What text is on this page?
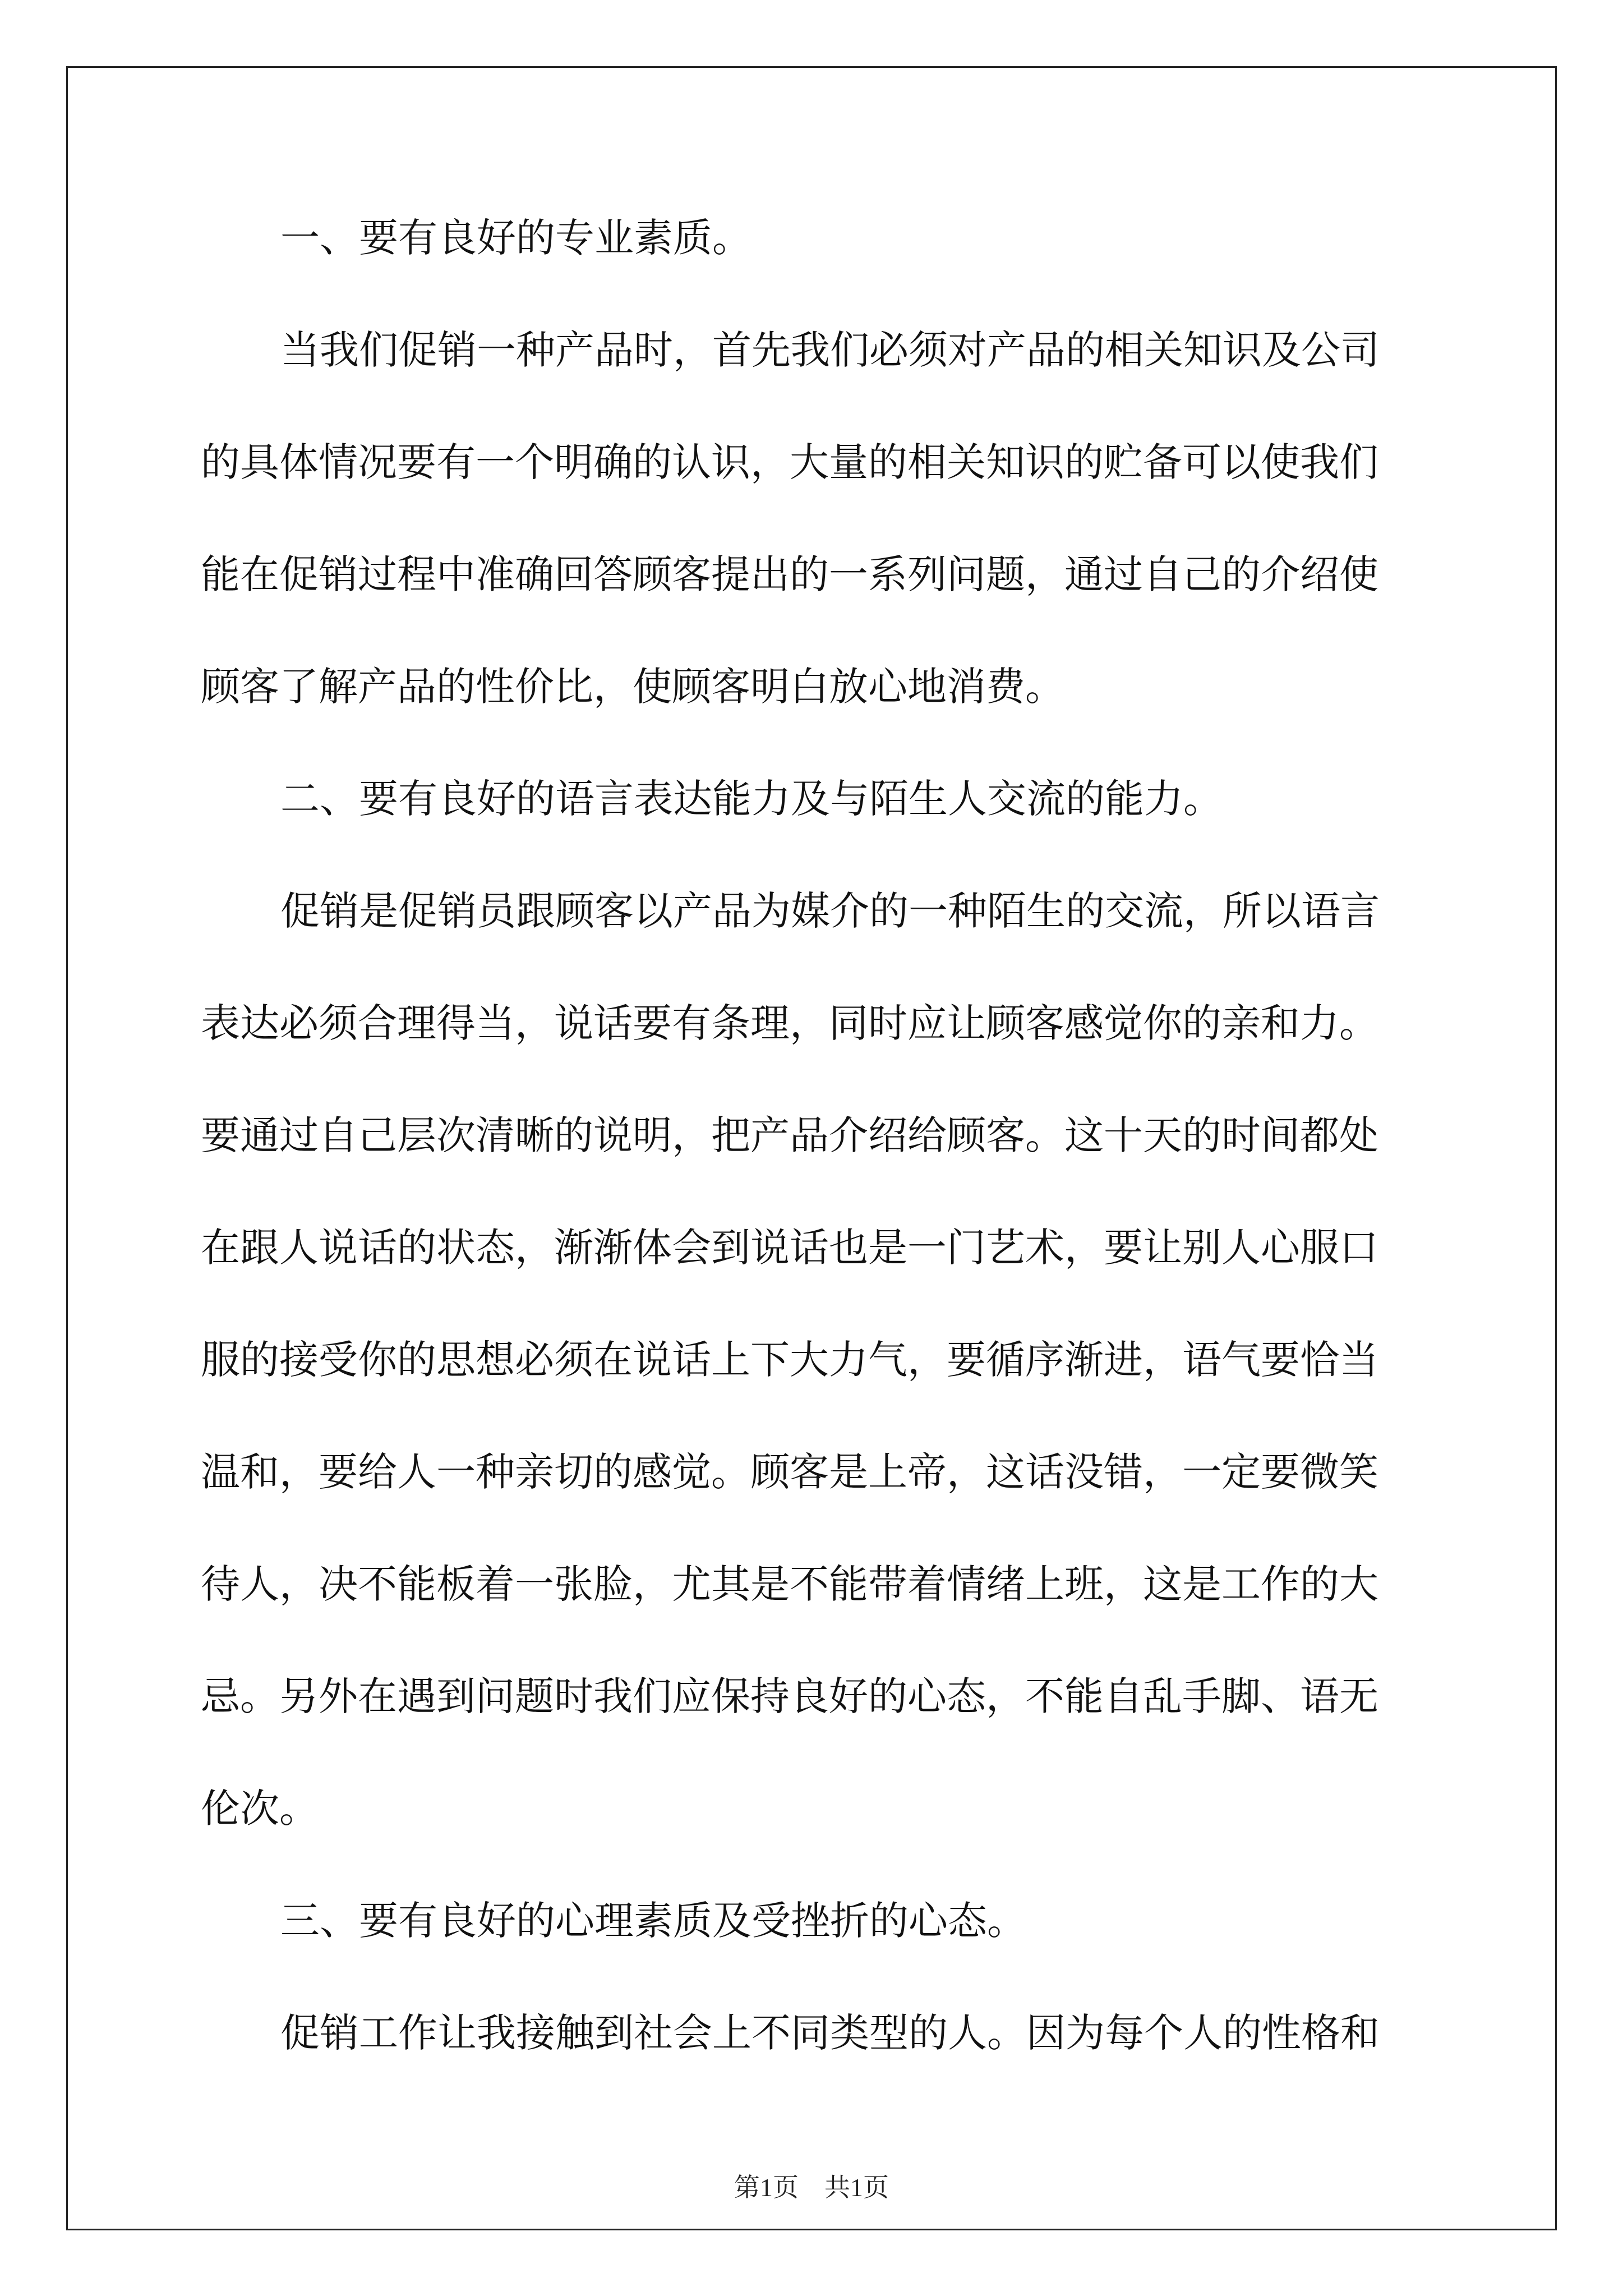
一、要有良好的专业素质。
当我们促销一种产品时，首先我们必须对产品的相关知识及公司
的具体情况要有一个明确的认识，大量的相关知识的贮备可以使我们
能在促销过程中准确回答顾客提出的一系列问题，通过自己的介绍使
顾客了解产品的性价比，使顾客明白放心地消费。
二、要有良好的语言表达能力及与陌生人交流的能力。
促销是促销员跟顾客以产品为媒介的一种陌生的交流，所以语言
表达必须合理得当，说话要有条理，同时应让顾客感觉你的亲和力。
要通过自己层次清晰的说明，把产品介绍给顾客。这十天的时间都处
在跟人说话的状态，渐渐体会到说话也是一门艺术，要让别人心服口
服的接受你的思想必须在说话上下大力气，要循序渐进，语气要恰当
温和，要给人一种亲切的感觉。顾客是上帝，这话没错，一定要微笑
待人，决不能板着一张脸，尤其是不能带着情绪上班，这是工作的大
忌。另外在遇到问题时我们应保持良好的心态，不能自乱手脚、语无
伦次。
三、要有良好的心理素质及受挫折的心态。
促销工作让我接触到社会上不同类型的人。因为每个人的性格和
第1页　共1页
